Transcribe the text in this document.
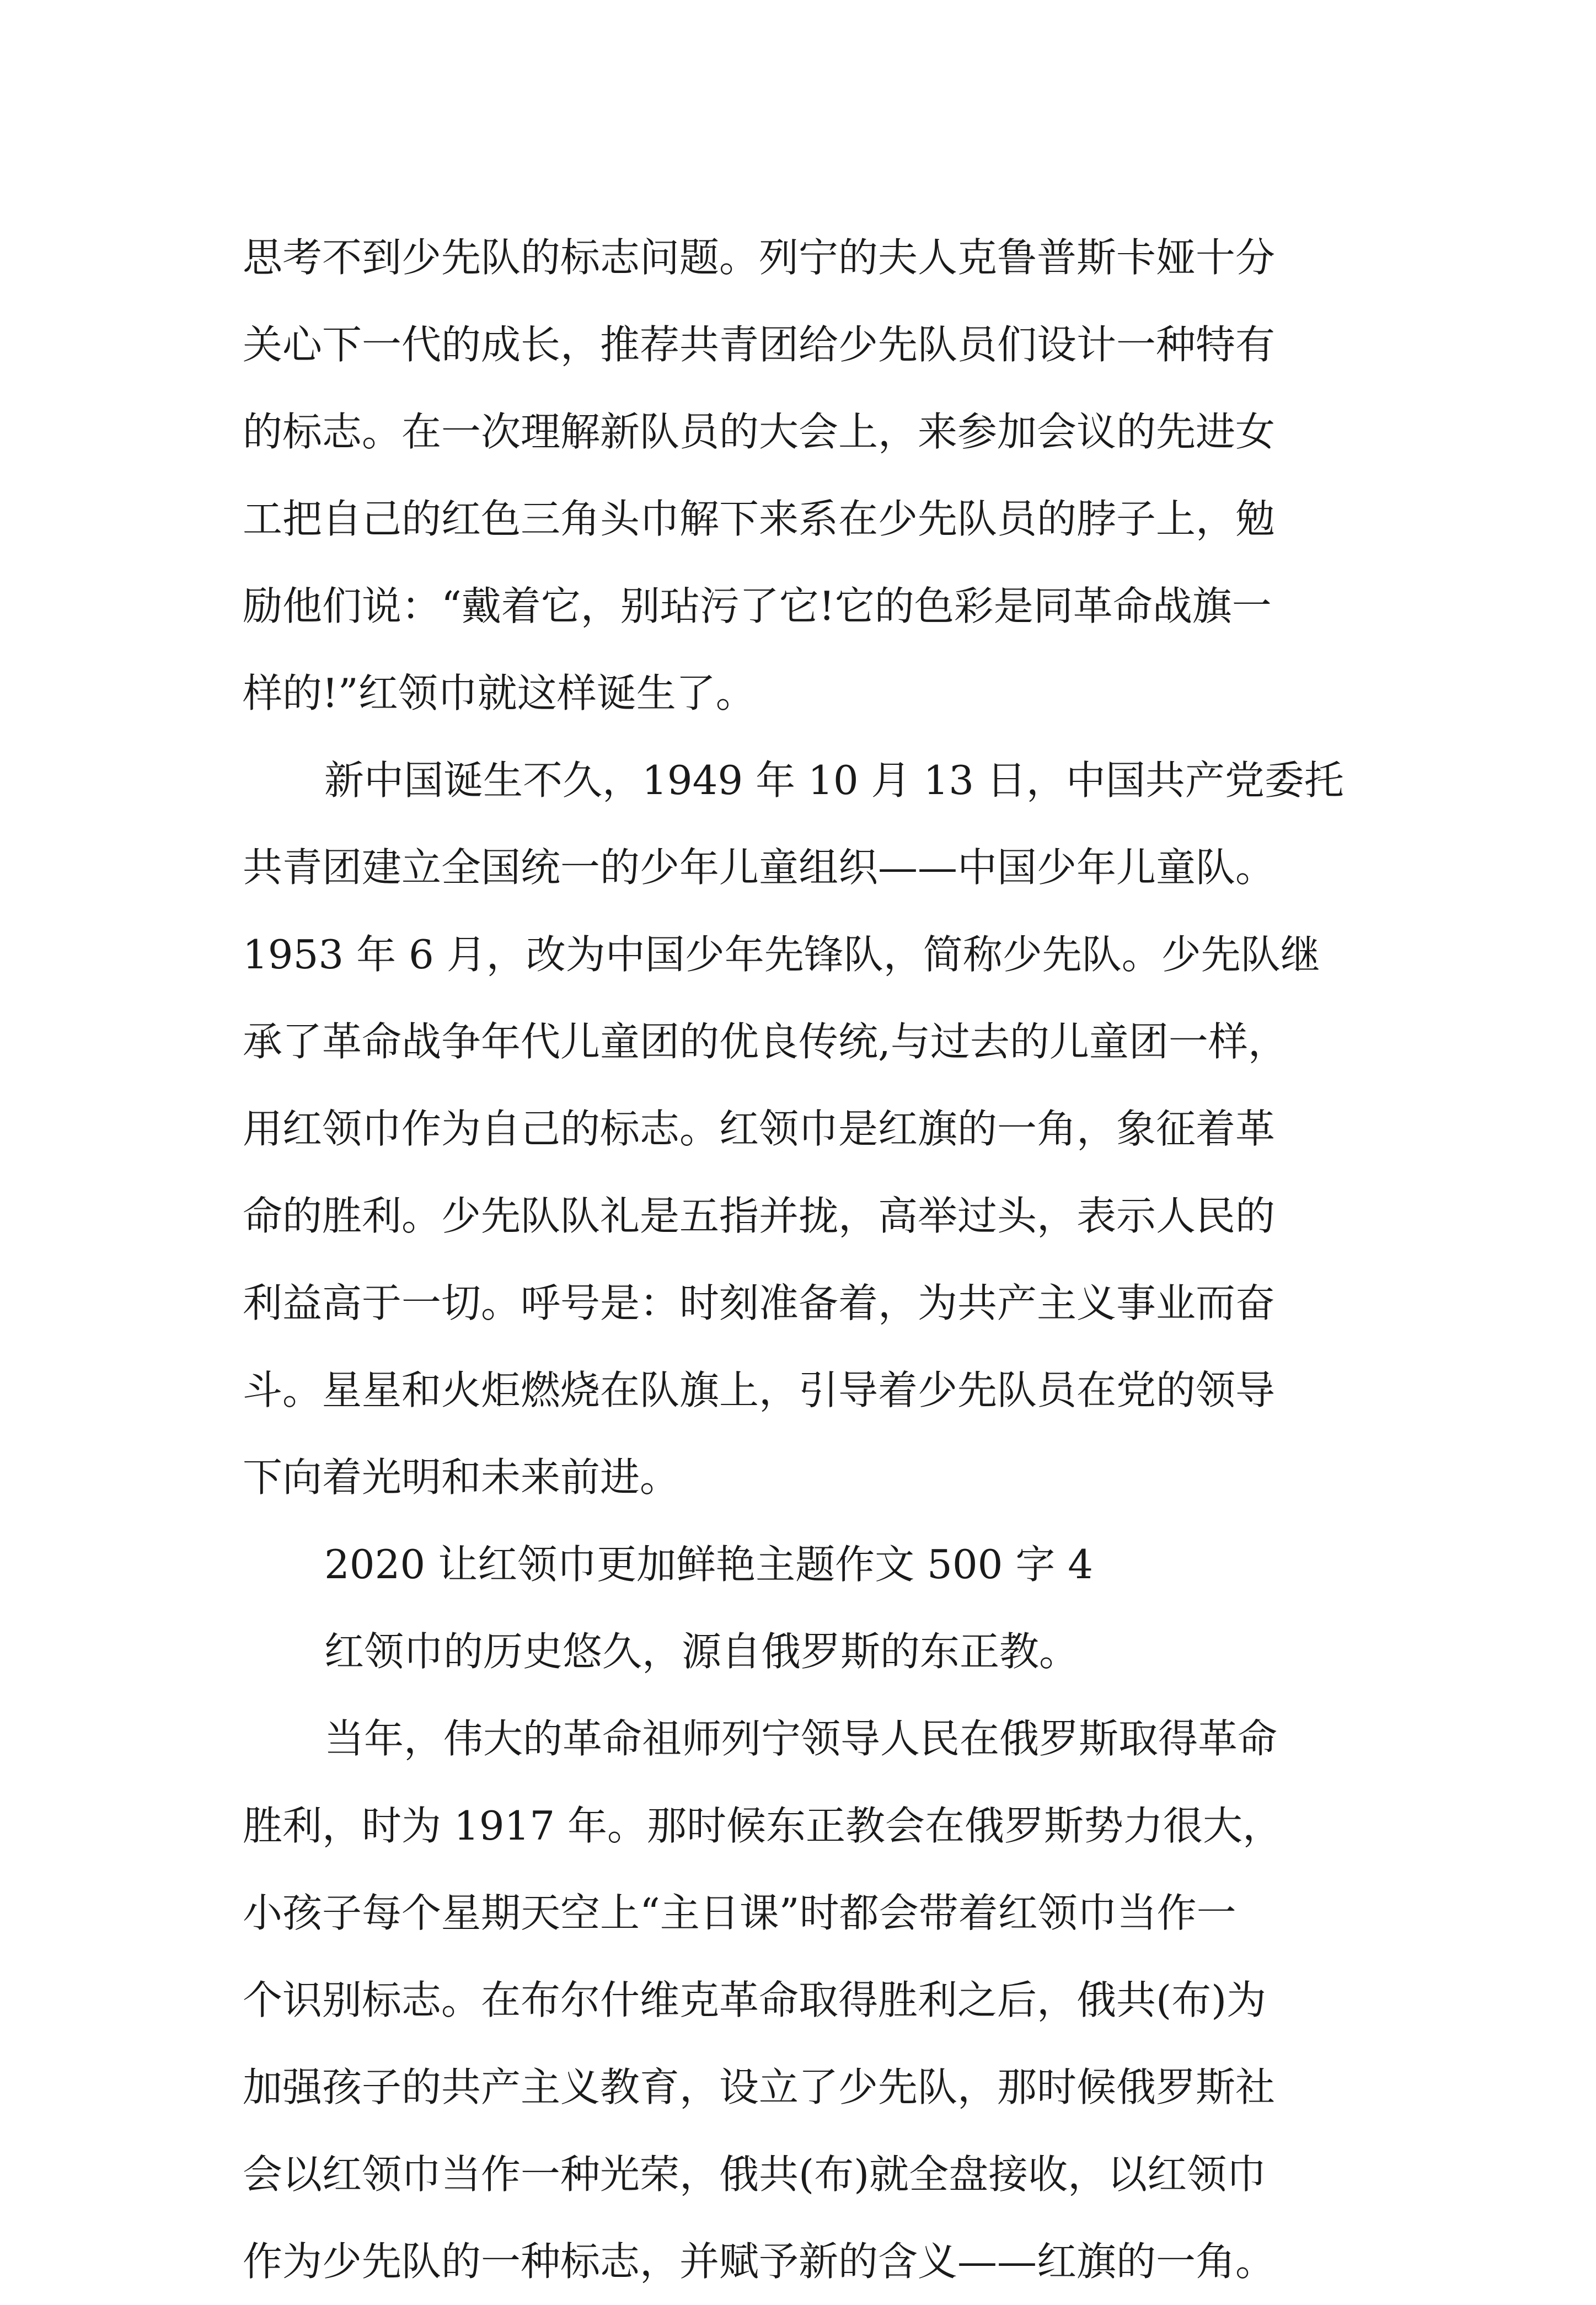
思考不到少先队的标志问题。列宁的夫人克鲁普斯卡娅十分
关心下一代的成长，推荐共青团给少先队员们设计一种特有
的标志。在一次理解新队员的大会上，来参加会议的先进女
工把自己的红色三角头巾解下来系在少先队员的脖子上，勉
励他们说：“戴着它，别玷污了它!它的色彩是同革命战旗一
样的!”红领巾就这样诞生了。
新中国诞生不久，1949 年 10 月 13 日，中国共产党委托
共青团建立全国统一的少年儿童组织——中国少年儿童队。
1953 年 6 月，改为中国少年先锋队，简称少先队。少先队继
承了革命战争年代儿童团的优良传统,与过去的儿童团一样，
用红领巾作为自己的标志。红领巾是红旗的一角，象征着革
命的胜利。少先队队礼是五指并拢，高举过头，表示人民的
利益高于一切。呼号是：时刻准备着，为共产主义事业而奋
斗。星星和火炬燃烧在队旗上，引导着少先队员在党的领导
下向着光明和未来前进。
2020 让红领巾更加鲜艳主题作文 500 字 4
红领巾的历史悠久，源自俄罗斯的东正教。
当年，伟大的革命祖师列宁领导人民在俄罗斯取得革命
胜利，时为 1917 年。那时候东正教会在俄罗斯势力很大，
小孩子每个星期天空上“主日课”时都会带着红领巾当作一
个识别标志。在布尔什维克革命取得胜利之后，俄共(布)为
加强孩子的共产主义教育，设立了少先队，那时候俄罗斯社
会以红领巾当作一种光荣，俄共(布)就全盘接收，以红领巾
作为少先队的一种标志，并赋予新的含义——红旗的一角。
